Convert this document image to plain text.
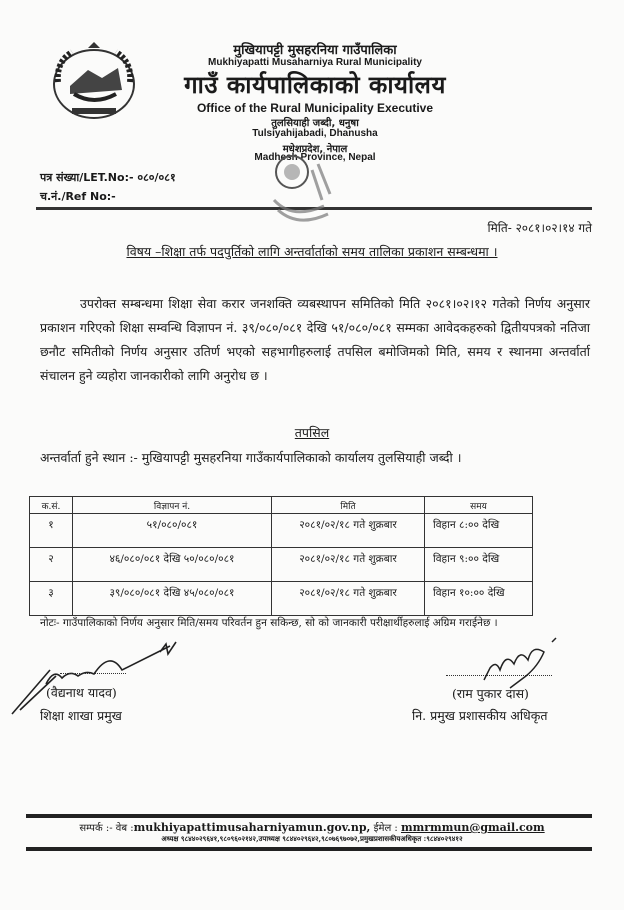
मुखियापट्टी मुसहरनिया गाउँपालिका
Mukhiyapatti Musaharniya Rural Municipality
गाउँ कार्यपालिकाको कार्यालय
Office of the Rural Municipality Executive
तुलसियाही जब्दी, धनुषा
Tulsiyahijabadi, Dhanusha
मधेशप्रदेश, नेपाल
Madhesh Province, Nepal
पत्र संख्या/LET.No:- ०८०/०८१
च.नं./Ref No:-
मिति- २०८१।०२।१४ गते
विषय –शिक्षा तर्फ पदपुर्तिको लागि अन्तर्वार्ताको समय तालिका प्रकाशन सम्बन्धमा ।
उपरोक्त सम्बन्धमा शिक्षा सेवा करार जनशक्ति व्यबस्थापन समितिको मिति २०८१।०२।१२ गतेको निर्णय अनुसार प्रकाशन गरिएको शिक्षा सम्वन्धि विज्ञापन नं. ३९/०८०/०८१ देखि ५१/०८०/०८१ सम्मका आवेदकहरुको द्वितीयपत्रको नतिजा छनौट समितीको निर्णय अनुसार उतिर्ण भएको सहभागीहरुलाई तपसिल बमोजिमको मिति, समय र स्थानमा अन्तर्वार्ता संचालन हुने व्यहोरा जानकारीको लागि अनुरोध छ ।
तपसिल
अन्तर्वार्ता हुने स्थान :- मुखियापट्टी मुसहरनिया गाउँकार्यपालिकाको कार्यालय तुलसियाही जब्दी ।
क.सं.	विज्ञापन नं.	मिति	समय
१	५१/०८०/०८१	२०८१/०२/१८ गते शुक्रबार	विहान ८:०० देखि
२	४६/०८०/०८१ देखि ५०/०८०/०८१	२०८१/०२/१८ गते शुक्रबार	विहान ९:०० देखि
३	३९/०८०/०८१ देखि ४५/०८०/०८१	२०८१/०२/१८ गते शुक्रबार	विहान १०:०० देखि
नोटः- गाउँपालिकाको निर्णय अनुसार मिति/समय परिवर्तन हुन सकिन्छ, सो को जानकारी परीक्षार्थीहरुलाई अग्रिम गराईनेछ ।
(वैद्यनाथ यादव)
शिक्षा शाखा प्रमुख
(राम पुकार दास)
नि. प्रमुख प्रशासकीय अधिकृत
सम्पर्क :- वेब :mukhiyapattimusaharniyamun.gov.np, ईमेल : mmrmmun@gmail.com
अध्यक्ष ९८४४०२९६४१,९८०९६०२१४२,उपाध्यक्ष ९८४४०२९६४२,९८०७६९७०७२,प्रमुखप्रशासकीयअधिकृत :९८४४०२९४१२
